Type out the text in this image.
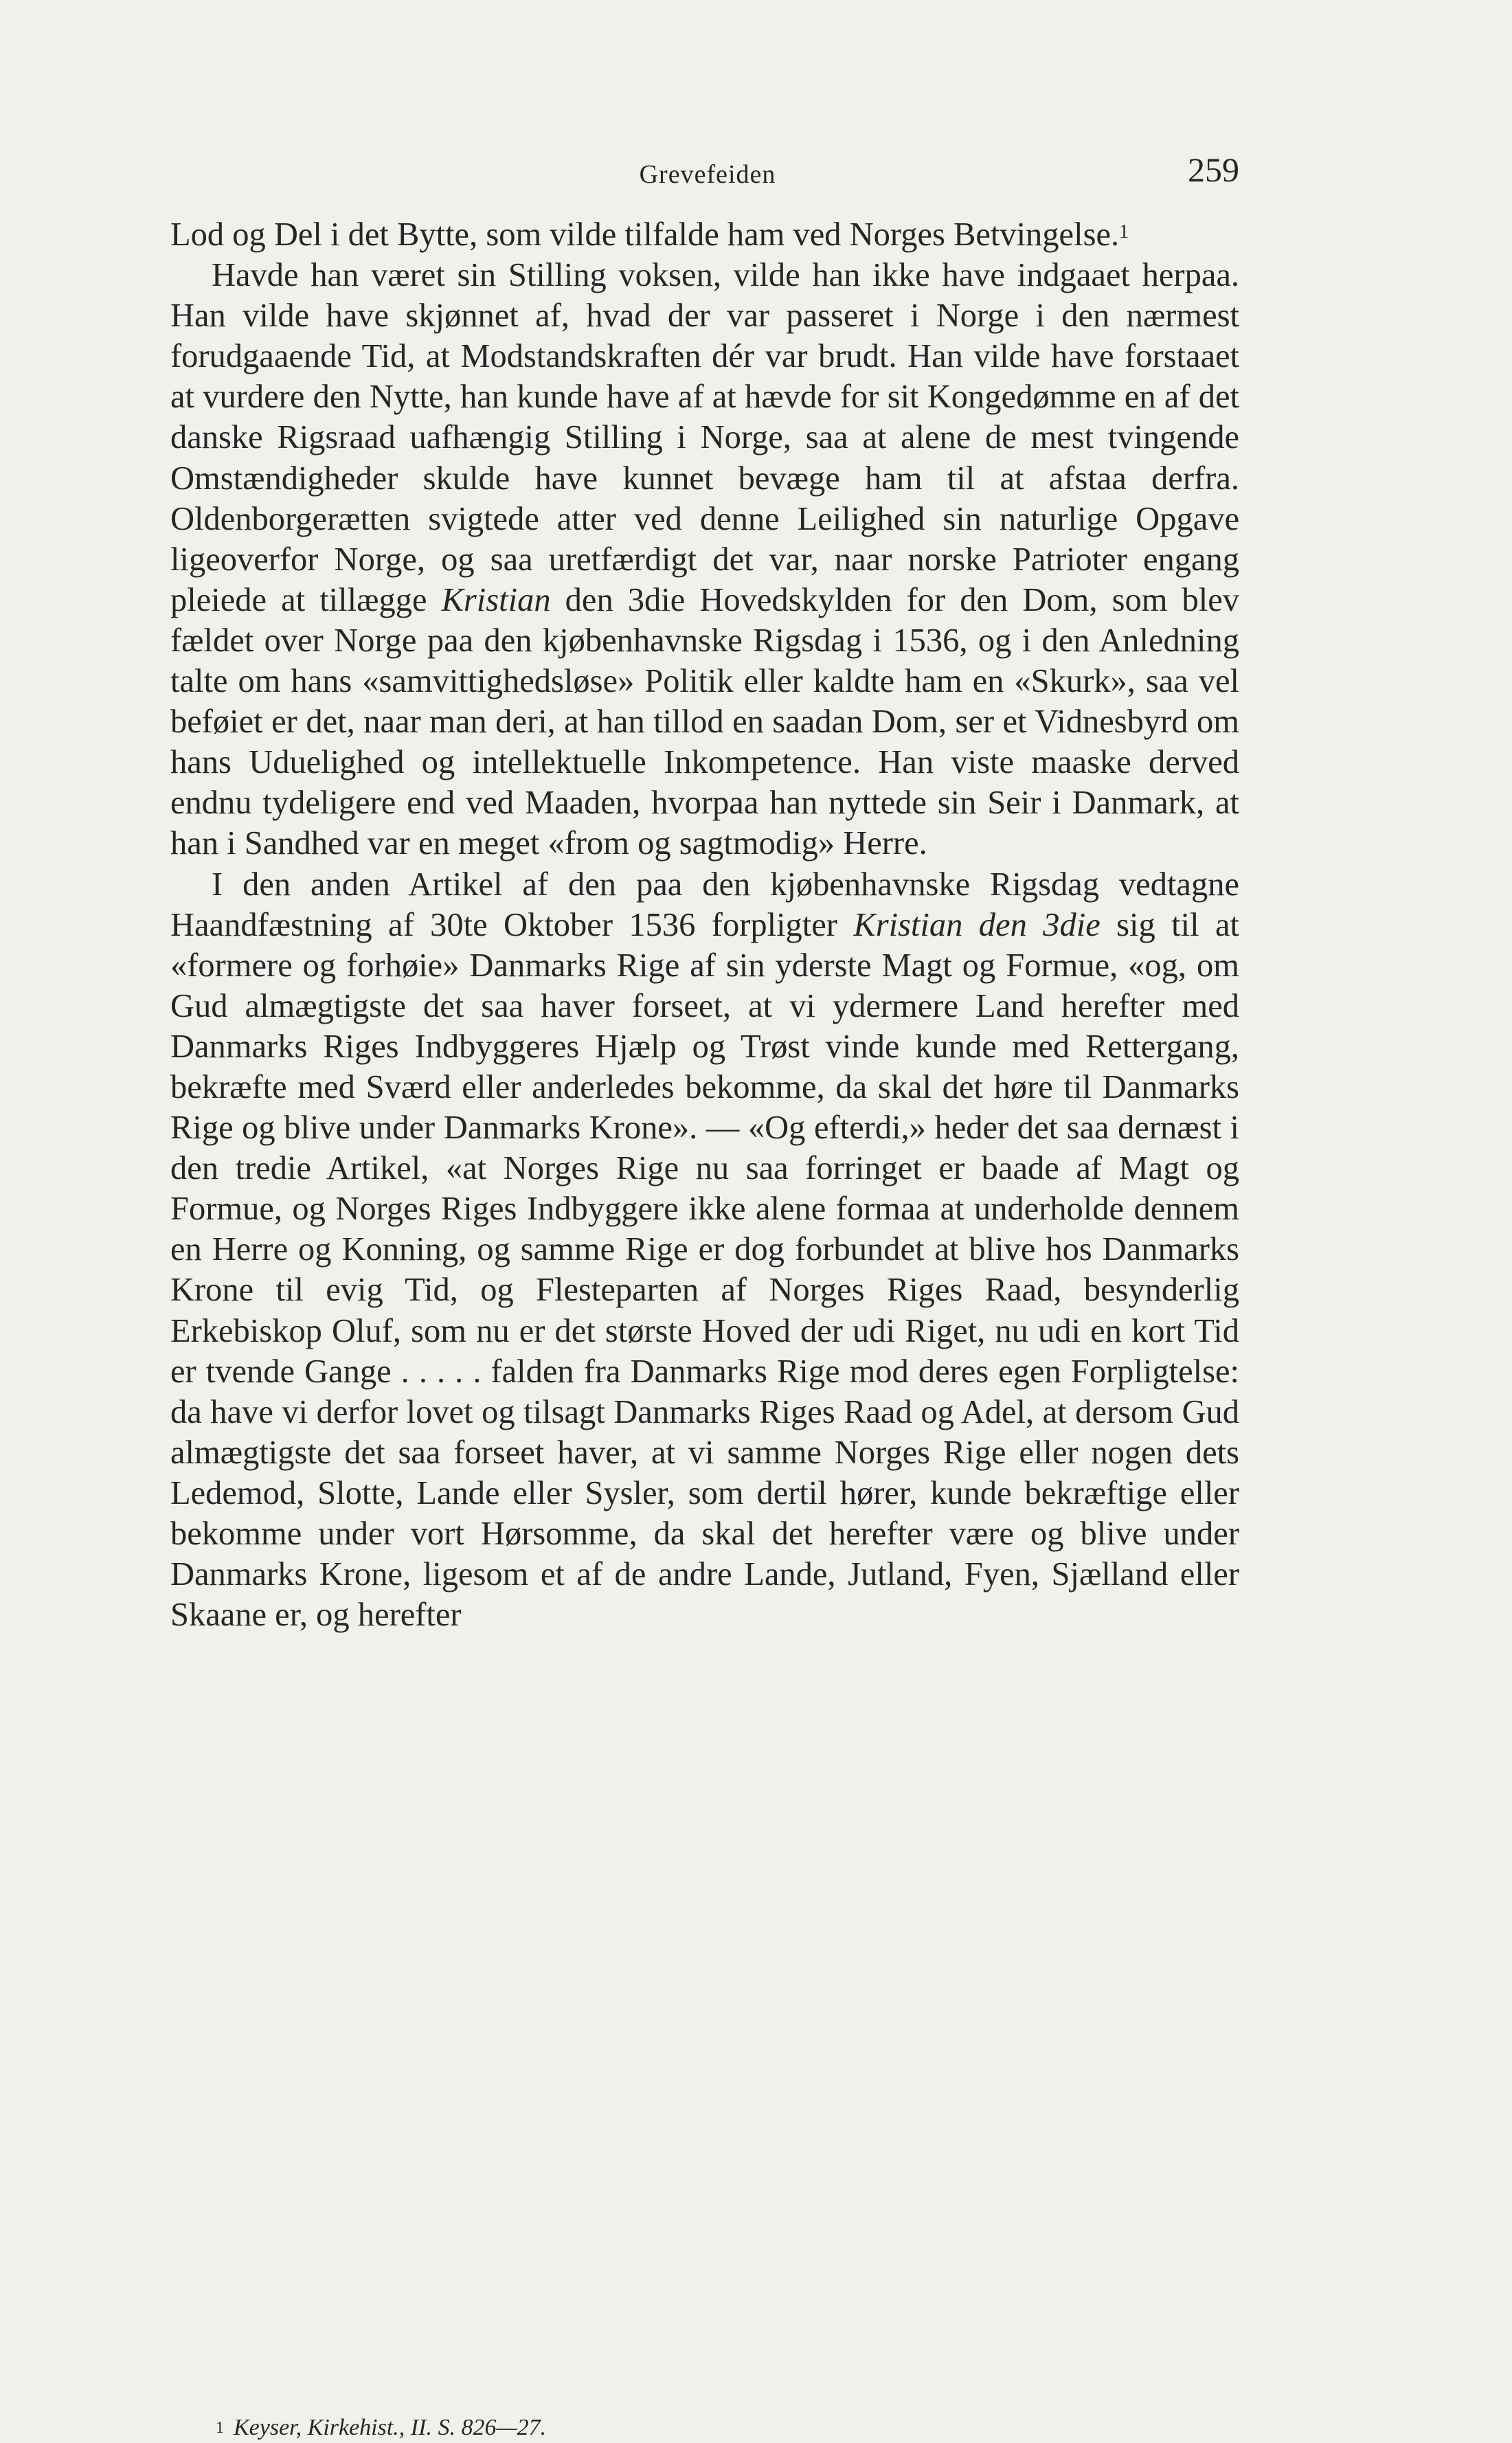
Grevefeiden	259

Lod og Del i det Bytte, som vilde tilfalde ham ved Norges Betvingelse.$^1$

Havde han været sin Stilling voksen, vilde han ikke have indgaaet herpaa. Han vilde have skjønnet af, hvad der var passeret i Norge i den nærmest forudgaaende Tid, at Modstandskraften dér var brudt. Han vilde have forstaaet at vurdere den Nytte, han kunde have af at hævde for sit Kongedømme en af det danske Rigsraad uafhængig Stilling i Norge, saa at alene de mest tvingende Omstændigheder skulde have kunnet bevæge ham til at afstaa derfra. Oldenborgerætten svigtede atter ved denne Leilighed sin naturlige Opgave ligeoverfor Norge, og saa uretfærdigt det var, naar norske Patrioter engang pleiede at tillægge Kristian den 3die Hovedskylden for den Dom, som blev fældet over Norge paa den kjøbenhavnske Rigsdag i 1536, og i den Anledning talte om hans «samvittighedsløse» Politik eller kaldte ham en «Skurk», saa vel beføiet er det, naar man deri, at han tillod en saadan Dom, ser et Vidnesbyrd om hans Uduelighed og intellektuelle Inkompetence. Han viste maaske derved endnu tydeligere end ved Maaden, hvorpaa han nyttede sin Seir i Danmark, at han i Sandhed var en meget «from og sagtmodig» Herre.

I den anden Artikel af den paa den kjøbenhavnske Rigsdag vedtagne Haandfæstning af 30te Oktober 1536 forpligter Kristian den 3die sig til at «formere og forhøie» Danmarks Rige af sin yderste Magt og Formue, «og, om Gud almægtigste det saa haver forseet, at vi ydermere Land herefter med Danmarks Riges Indbyggeres Hjælp og Trøst vinde kunde med Rettergang, bekræfte med Sværd eller anderledes bekomme, da skal det høre til Danmarks Rige og blive under Danmarks Krone». — «Og efterdi,» heder det saa dernæst i den tredie Artikel, «at Norges Rige nu saa forringet er baade af Magt og Formue, og Norges Riges Indbyggere ikke alene formaa at underholde dennem en Herre og Konning, og samme Rige er dog forbundet at blive hos Danmarks Krone til evig Tid, og Flesteparten af Norges Riges Raad, besynderlig Erkebiskop Oluf, som nu er det største Hoved der udi Riget, nu udi en kort Tid er tvende Gange . . . . . falden fra Danmarks Rige mod deres egen Forpligtelse: da have vi derfor lovet og tilsagt Danmarks Riges Raad og Adel, at dersom Gud almægtigste det saa forseet haver, at vi samme Norges Rige eller nogen dets Ledemod, Slotte, Lande eller Sysler, som dertil hører, kunde bekræftige eller bekomme under vort Hørsomme, da skal det herefter være og blive under Danmarks Krone, ligesom et af de andre Lande, Jutland, Fyen, Sjælland eller Skaane er, og herefter

$^1$ Keyser, Kirkehist., II. S. 826—27.
